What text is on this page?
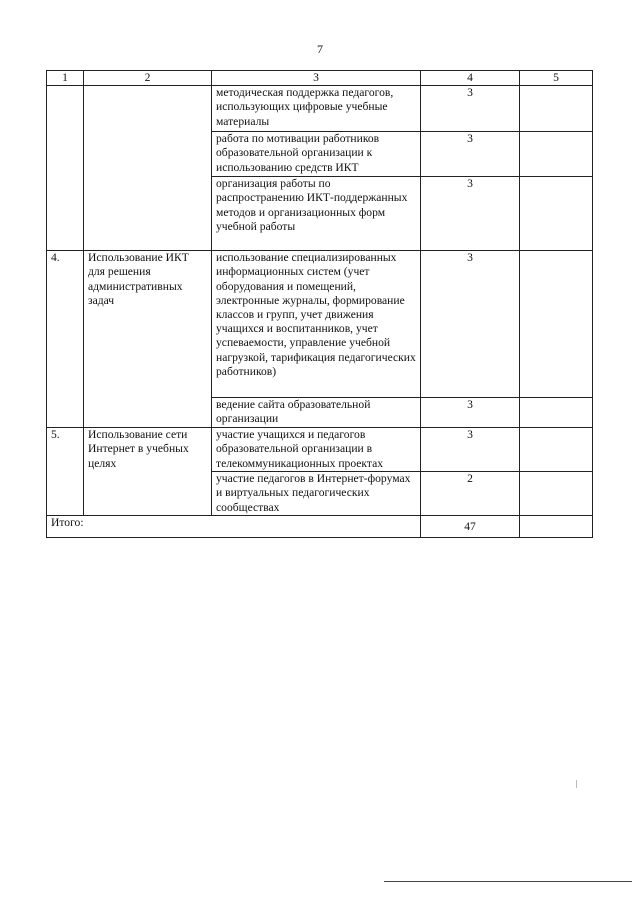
7
1	2	3	4	5
		методическая поддержка педагогов, использующих цифровые учебные материалы	3	
		работа по мотивации работников образовательной организации к использованию средств ИКТ	3	
		организация работы по распространению ИКТ-поддержанных методов и организационных форм учебной работы	3	
4.	Использование ИКТ для решения административных задач	использование специализированных информационных систем (учет оборудования и помещений, электронные журналы, формирование классов и групп, учет движения учащихся и воспитанников, учет успеваемости, управление учебной нагрузкой, тарификация педагогических работников)	3	
		ведение сайта образовательной организации	3	
5.	Использование сети Интернет в учебных целях	участие учащихся и педагогов образовательной организации в телекоммуникационных проектах	3	
		участие педагогов в Интернет-форумах и виртуальных педагогических сообществах	2	
Итого:			47	
